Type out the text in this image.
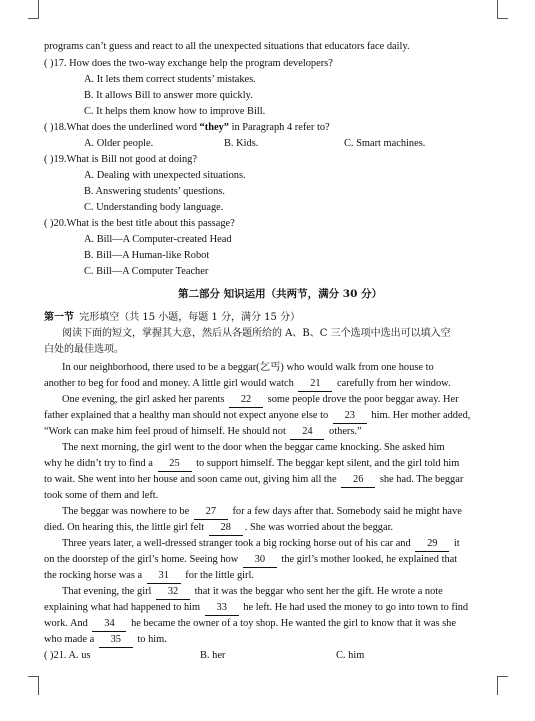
programs can’t guess and react to all the unexpected situations that educators face daily.
( )17. How does the two-way exchange help the program developers?
A. It lets them correct students’ mistakes.
B. It allows Bill to answer more quickly.
C. It helps them know how to improve Bill.
( )18.What does the underlined word “they” in Paragraph 4 refer to?
A. Older people.	B. Kids.	C. Smart machines.
( )19.What is Bill not good at doing?
A. Dealing with unexpected situations.
B. Answering students’ questions.
C. Understanding body language.
( )20.What is the best title about this passage?
A. Bill—A Computer-created Head
B. Bill—A Human-like Robot
C. Bill—A Computer Teacher
第二部分 知识运用（共两节，满分 30 分）
第一节 完形填空（共 15 小题，每题 1 分，满分 15 分）
阅读下面的短文，掌握其大意，然后从各题所给的 A、B、C 三个选项中选出可以填入空
白处的最佳选项。
In our neighborhood, there used to be a beggar(乞丐) who would walk from one house to
another to beg for food and money. A little girl would watch 21 carefully from her window.
One evening, the girl asked her parents 22 some people drove the poor beggar away. Her
father explained that a healthy man should not expect anyone else to 23 him. Her mother added,
“Work can make him feel proud of himself. He should not 24 others.”
The next morning, the girl went to the door when the beggar came knocking. She asked him
why he didn’t try to find a 25 to support himself. The beggar kept silent, and the girl told him
to wait. She went into her house and soon came out, giving him all the 26 she had. The beggar
took some of them and left.
The beggar was nowhere to be 27 for a few days after that. Somebody said he might have
died. On hearing this, the little girl felt 28 . She was worried about the beggar.
Three years later, a well-dressed stranger took a big rocking horse out of his car and 29 it
on the doorstep of the girl’s home. Seeing how 30 the girl’s mother looked, he explained that
the rocking horse was a 31 for the little girl.
That evening, the girl 32 that it was the beggar who sent her the gift. He wrote a note
explaining what had happened to him 33 he left. He had used the money to go into town to find
work. And 34 he became the owner of a toy shop. He wanted the girl to know that it was she
who made a 35 to him.
( )21. A. us	B. her	C. him
